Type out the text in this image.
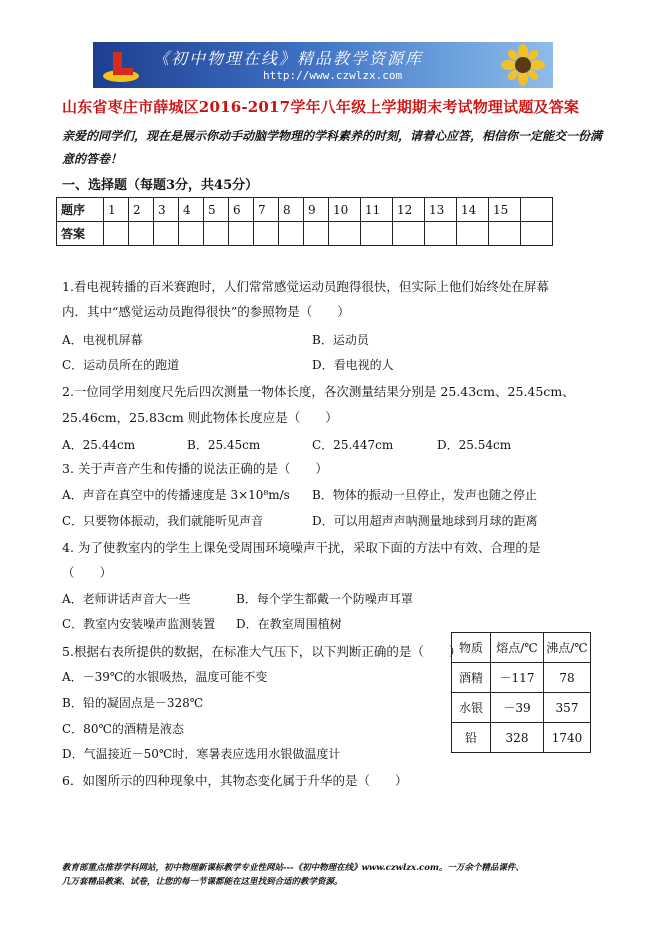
《初中物理在线》精品教学资源库
http://www.czwlzx.com
山东省枣庄市薛城区2016-2017学年八年级上学期期末考试物理试题及答案
亲爱的同学们，现在是展示你动手动脑学物理的学科素养的时刻，请着心应答，相信你一定能交一份满意的答卷！
一、选择题（每题3分，共45分）
题序	1	2	3	4	5	6	7	8	9	10	11	12	13	14	15	
答案																
1.看电视转播的百米赛跑时，人们常常感觉运动员跑得很快，但实际上他们始终处在屏幕
内．其中“感觉运动员跑得很快”的参照物是（　　）
A．电视机屏幕	B．运动员
C．运动员所在的跑道	D．看电视的人
2.一位同学用刻度尺先后四次测量一物体长度，各次测量结果分别是 25.43cm、25.45cm、
25.46cm，25.83cm 则此物体长度应是（　　）
A．25.44cm	B．25.45cm	C．25.447cm	D．25.54cm
3. 关于声音产生和传播的说法正确的是（　　）
A．声音在真空中的传播速度是 3×10⁸m/s B．物体的振动一旦停止，发声也随之停止
C．只要物体振动，我们就能听见声音	D．可以用超声声呐测量地球到月球的距离
4. 为了使教室内的学生上课免受周围环境噪声干扰，采取下面的方法中有效、合理的是
（　　）
A．老师讲话声音大一些	B．每个学生都戴一个防噪声耳罩
C．教室内安装噪声监测装置 D．在教室周围植树
5.根据右表所提供的数据，在标准大气压下，以下判断正确的是（　　）
A．－39℃的水银吸热，温度可能不变
B．铅的凝固点是－328℃
C．80℃的酒精是液态
D．气温接近－50℃时．寒暑表应选用水银做温度计
物质	熔点/℃	沸点/℃
酒精	－117	78
水银	－39	357
铅	328	1740
6．如图所示的四种现象中，其物态变化属于升华的是（　　）
教育部重点推荐学科网站，初中物理新课标教学专业性网站---《初中物理在线》www.czwlzx.com。一万余个精品课件、
几万套精品教案、试卷，让您的每一节课都能在这里找到合适的教学资源。
